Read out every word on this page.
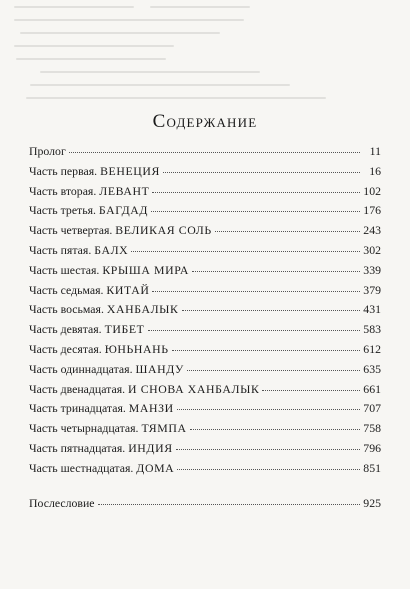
Содержание
Пролог	11
Часть первая. ВЕНЕЦИЯ	16
Часть вторая. ЛЕВАНТ	102
Часть третья. БАГДАД	176
Часть четвертая. ВЕЛИКАЯ СОЛЬ	243
Часть пятая. БАЛХ	302
Часть шестая. КРЫША МИРА	339
Часть седьмая. КИТАЙ	379
Часть восьмая. ХАНБАЛЫК	431
Часть девятая. ТИБЕТ	583
Часть десятая. ЮНЬНАНЬ	612
Часть одиннадцатая. ШАНДУ	635
Часть двенадцатая. И СНОВА ХАНБАЛЫК	661
Часть тринадцатая. МАНЗИ	707
Часть четырнадцатая. ТЯМПА	758
Часть пятнадцатая. ИНДИЯ	796
Часть шестнадцатая. ДОМА	851
Послесловие	925
